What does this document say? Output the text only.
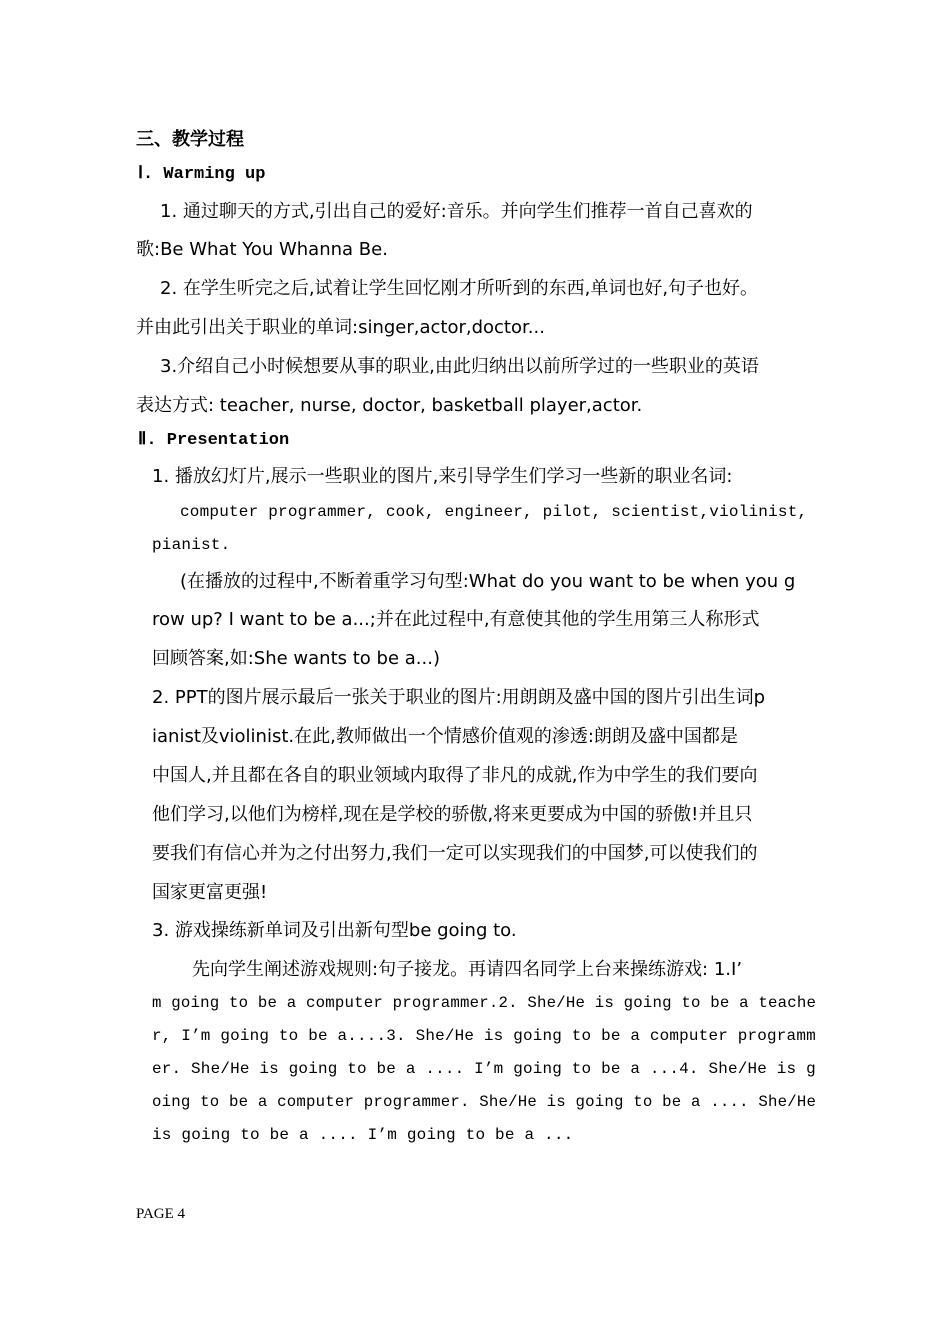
三、教学过程
Ⅰ. Warming up
1. 通过聊天的方式,引出自己的爱好:音乐。并向学生们推荐一首自己喜欢的
歌:Be What You Whanna Be.
2. 在学生听完之后,试着让学生回忆刚才所听到的东西,单词也好,句子也好。
并由此引出关于职业的单词:singer,actor,doctor...
3.介绍自己小时候想要从事的职业,由此归纳出以前所学过的一些职业的英语
表达方式: teacher, nurse, doctor, basketball player,actor.
Ⅱ. Presentation
1. 播放幻灯片,展示一些职业的图片,来引导学生们学习一些新的职业名词:
computer programmer, cook, engineer, pilot, scientist,violinist,
pianist.
(在播放的过程中,不断着重学习句型:What do you want to be when you g
row up? I want to be a...;并在此过程中,有意使其他的学生用第三人称形式
回顾答案,如:She wants to be a...)
2. PPT的图片展示最后一张关于职业的图片:用朗朗及盛中国的图片引出生词p
ianist及violinist.在此,教师做出一个情感价值观的渗透:朗朗及盛中国都是
中国人,并且都在各自的职业领域内取得了非凡的成就,作为中学生的我们要向
他们学习,以他们为榜样,现在是学校的骄傲,将来更要成为中国的骄傲!并且只
要我们有信心并为之付出努力,我们一定可以实现我们的中国梦,可以使我们的
国家更富更强!
3. 游戏操练新单词及引出新句型be going to.
先向学生阐述游戏规则:句子接龙。再请四名同学上台来操练游戏: 1.I’
m going to be a computer programmer.2. She/He is going to be a teache
r, I’m going to be a....3. She/He is going to be a computer programm
er. She/He is going to be a .... I’m going to be a ...4. She/He is g
oing to be a computer programmer. She/He is going to be a .... She/He
is going to be a .... I’m going to be a ...
PAGE 4
